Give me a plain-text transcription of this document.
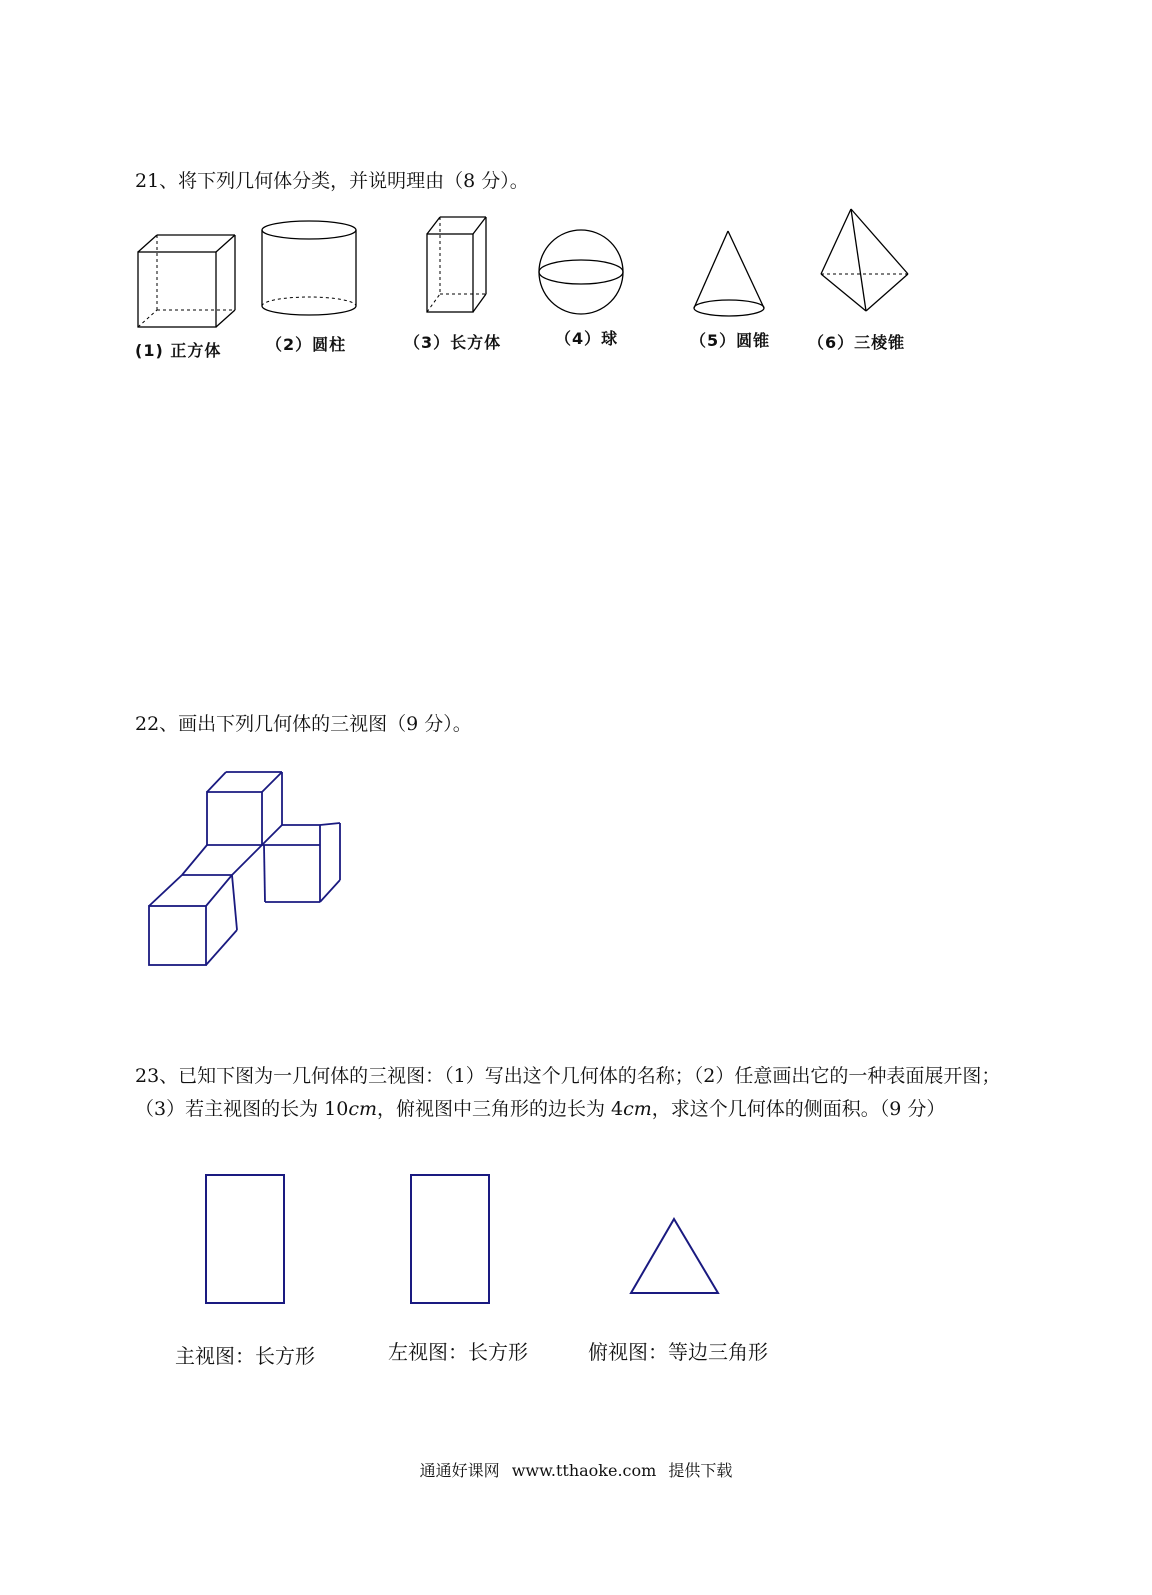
21、将下列几何体分类，并说明理由（8 分）。

(1) 正方体	（2）圆柱	（3）长方体	（4）球	（5）圆锥 （6）三棱锥

22、画出下列几何体的三视图（9 分）。

23、已知下图为一几何体的三视图：（1）写出这个几何体的名称；（2）任意画出它的一种表面展开图；（3）若主视图的长为 10cm，俯视图中三角形的边长为 4cm，求这个几何体的侧面积。（9 分）

主视图：长方形	左视图：长方形	俯视图：等边三角形
通通好课网 www.tthaoke.com 提供下载
